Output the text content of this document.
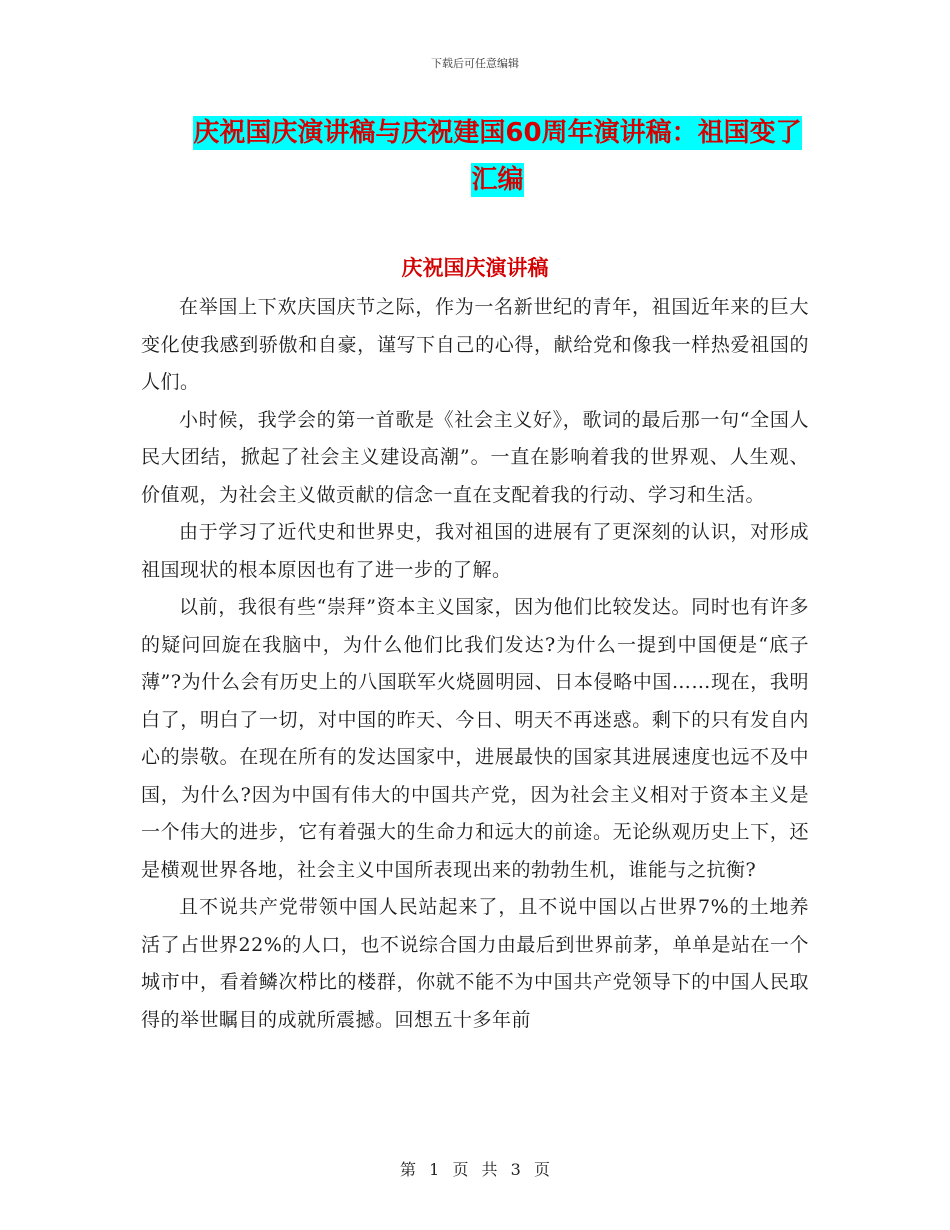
下载后可任意编辑
庆祝国庆演讲稿与庆祝建国60周年演讲稿：祖国变了汇编
庆祝国庆演讲稿

在举国上下欢庆国庆节之际，作为一名新世纪的青年，祖国近年来的巨大变化使我感到骄傲和自豪，谨写下自己的心得，献给党和像我一样热爱祖国的人们。

小时候，我学会的第一首歌是《社会主义好》，歌词的最后那一句“全国人民大团结，掀起了社会主义建设高潮”。一直在影响着我的世界观、人生观、价值观，为社会主义做贡献的信念一直在支配着我的行动、学习和生活。

由于学习了近代史和世界史，我对祖国的进展有了更深刻的认识，对形成祖国现状的根本原因也有了进一步的了解。

以前，我很有些“崇拜”资本主义国家，因为他们比较发达。同时也有许多的疑问回旋在我脑中，为什么他们比我们发达?为什么一提到中国便是“底子薄”?为什么会有历史上的八国联军火烧圆明园、日本侵略中国……现在，我明白了，明白了一切，对中国的昨天、今日、明天不再迷惑。剩下的只有发自内心的崇敬。在现在所有的发达国家中，进展最快的国家其进展速度也远不及中国，为什么?因为中国有伟大的中国共产党，因为社会主义相对于资本主义是一个伟大的进步，它有着强大的生命力和远大的前途。无论纵观历史上下，还是横观世界各地，社会主义中国所表现出来的勃勃生机，谁能与之抗衡?

且不说共产党带领中国人民站起来了，且不说中国以占世界7%的土地养活了占世界22%的人口，也不说综合国力由最后到世界前茅，单单是站在一个城市中，看着鳞次栉比的楼群，你就不能不为中国共产党领导下的中国人民取得的举世瞩目的成就所震撼。回想五十多年前

第 1 页 共 3 页
